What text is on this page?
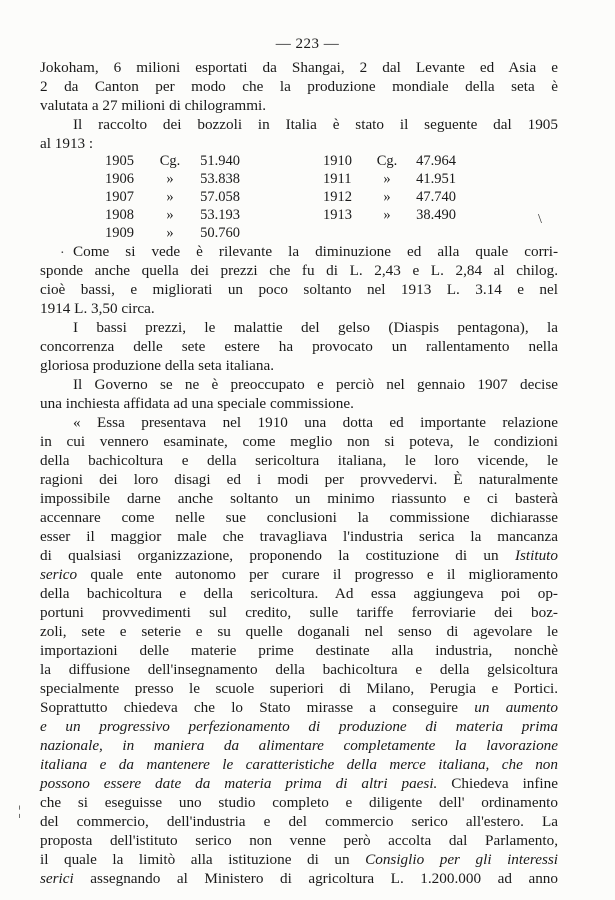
— 223 —
Jokoham, 6 milioni esportati da Shangai, 2 dal Levante ed Asia e
2 da Canton per modo che la produzione mondiale della seta è
valutata a 27 milioni di chilogrammi.
Il raccolto dei bozzoli in Italia è stato il seguente dal 1905
al 1913 :
1905	Cg.	51.940
1906	»	53.838
1907	»	57.058
1908	»	53.193
1909	»	50.760
1910	Cg.	47.964
1911	»	41.951
1912	»	47.740
1913	»	38.490	\
· Come si vede è rilevante la diminuzione ed alla quale corri-
sponde anche quella dei prezzi che fu di L. 2,43 e L. 2,84 al chilog.
cioè bassi, e migliorati un poco soltanto nel 1913 L. 3.14 e nel
1914 L. 3,50 circa.
I bassi prezzi, le malattie del gelso (Diaspis pentagona), la
concorrenza delle sete estere ha provocato un rallentamento nella
gloriosa produzione della seta italiana.
Il Governo se ne è preoccupato e perciò nel gennaio 1907 decise
una inchiesta affidata ad una speciale commissione.
« Essa presentava nel 1910 una dotta ed importante relazione
in cui vennero esaminate, come meglio non si poteva, le condizioni
della bachicoltura e della sericoltura italiana, le loro vicende, le
ragioni dei loro disagi ed i modi per provvedervi. È naturalmente
impossibile darne anche soltanto un minimo riassunto e ci basterà
accennare come nelle sue conclusioni la commissione dichiarasse
esser il maggior male che travagliava l'industria serica la mancanza
di qualsiasi organizzazione, proponendo la costituzione di un Istituto
serico quale ente autonomo per curare il progresso e il miglioramento
della bachicoltura e della sericoltura. Ad essa aggiungeva poi op-
portuni provvedimenti sul credito, sulle tariffe ferroviarie dei boz-
zoli, sete e seterie e su quelle doganali nel senso di agevolare le
importazioni delle materie prime destinate alla industria, nonchè
la diffusione dell'insegnamento della bachicoltura e della gelsicoltura
specialmente presso le scuole superiori di Milano, Perugia e Portici.
Soprattutto chiedeva che lo Stato mirasse a conseguire un aumento
e un progressivo perfezionamento di produzione di materia prima
nazionale, in maniera da alimentare completamente la lavorazione
italiana e da mantenere le caratteristiche della merce italiana, che non
possono essere date da materia prima di altri paesi. Chiedeva infine
che si eseguisse uno studio completo e diligente dell' ordinamento
del commercio, dell'industria e del commercio serico all'estero. La
proposta dell'istituto serico non venne però accolta dal Parlamento,
il quale la limitò alla istituzione di un Consiglio per gli interessi
serici assegnando al Ministero di agricoltura L. 1.200.000 ad anno
¦
